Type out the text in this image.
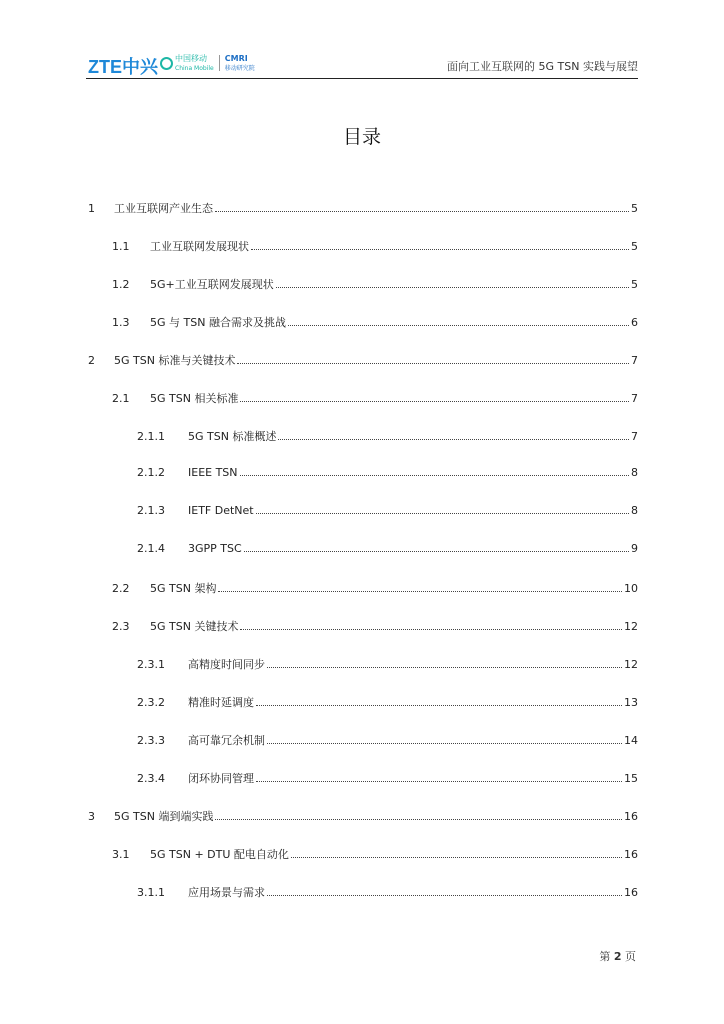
ZTE中兴 中国移动
China Mobile
CMRI
移动研究院	面向工业互联网的 5G TSN 实践与展望
目录
1	工业互联网产业生态	5
1.1	工业互联网发展现状	5
1.2	5G+工业互联网发展现状	5
1.3	5G 与 TSN 融合需求及挑战	6
2	5G TSN 标准与关键技术	7
2.1	5G TSN 相关标准	7
2.1.1	5G TSN 标准概述	7
2.1.2	IEEE TSN	8
2.1.3	IETF DetNet	8
2.1.4	3GPP TSC	9
2.2	5G TSN 架构	10
2.3	5G TSN 关键技术	12
2.3.1	高精度时间同步	12
2.3.2	精准时延调度	13
2.3.3	高可靠冗余机制	14
2.3.4	闭环协同管理	15
3	5G TSN 端到端实践	16
3.1	5G TSN + DTU 配电自动化	16
3.1.1	应用场景与需求	16
第 2 页
